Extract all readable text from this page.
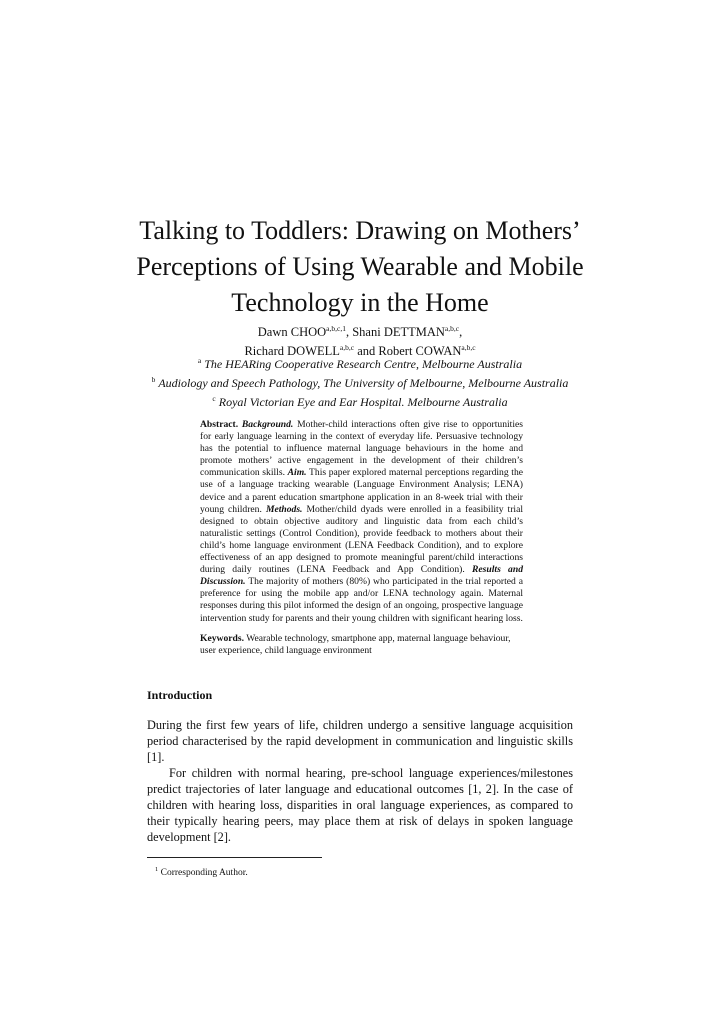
Talking to Toddlers: Drawing on Mothers’
Perceptions of Using Wearable and Mobile
Technology in the Home
Dawn CHOO$^{a,b,c,1}$, Shani DETTMAN$^{a,b,c}$,
Richard DOWELL$^{a,b,c}$ and Robert COWAN$^{a,b,c}$
$^a$ The HEARing Cooperative Research Centre, Melbourne Australia
$^b$ Audiology and Speech Pathology, The University of Melbourne, Melbourne Australia
$^c$ Royal Victorian Eye and Ear Hospital. Melbourne Australia

Abstract. Background. Mother-child interactions often give rise to opportunities for early language learning in the context of everyday life. Persuasive technology has the potential to influence maternal language behaviours in the home and promote mothers’ active engagement in the development of their children’s communication skills. Aim. This paper explored maternal perceptions regarding the use of a language tracking wearable (Language Environment Analysis; LENA) device and a parent education smartphone application in an 8-week trial with their young children. Methods. Mother/child dyads were enrolled in a feasibility trial designed to obtain objective auditory and linguistic data from each child’s naturalistic settings (Control Condition), provide feedback to mothers about their child’s home language environment (LENA Feedback Condition), and to explore effectiveness of an app designed to promote meaningful parent/child interactions during daily routines (LENA Feedback and App Condition). Results and Discussion. The majority of mothers (80%) who participated in the trial reported a preference for using the mobile app and/or LENA technology again. Maternal responses during this pilot informed the design of an ongoing, prospective language intervention study for parents and their young children with significant hearing loss.

Keywords. Wearable technology, smartphone app, maternal language behaviour, user experience, child language environment

Introduction

During the first few years of life, children undergo a sensitive language acquisition period characterised by the rapid development in communication and linguistic skills [1].

For children with normal hearing, pre-school language experiences/milestones predict trajectories of later language and educational outcomes [1, 2]. In the case of children with hearing loss, disparities in oral language experiences, as compared to their typically hearing peers, may place them at risk of delays in spoken language development [2].

$^1$ Corresponding Author.
